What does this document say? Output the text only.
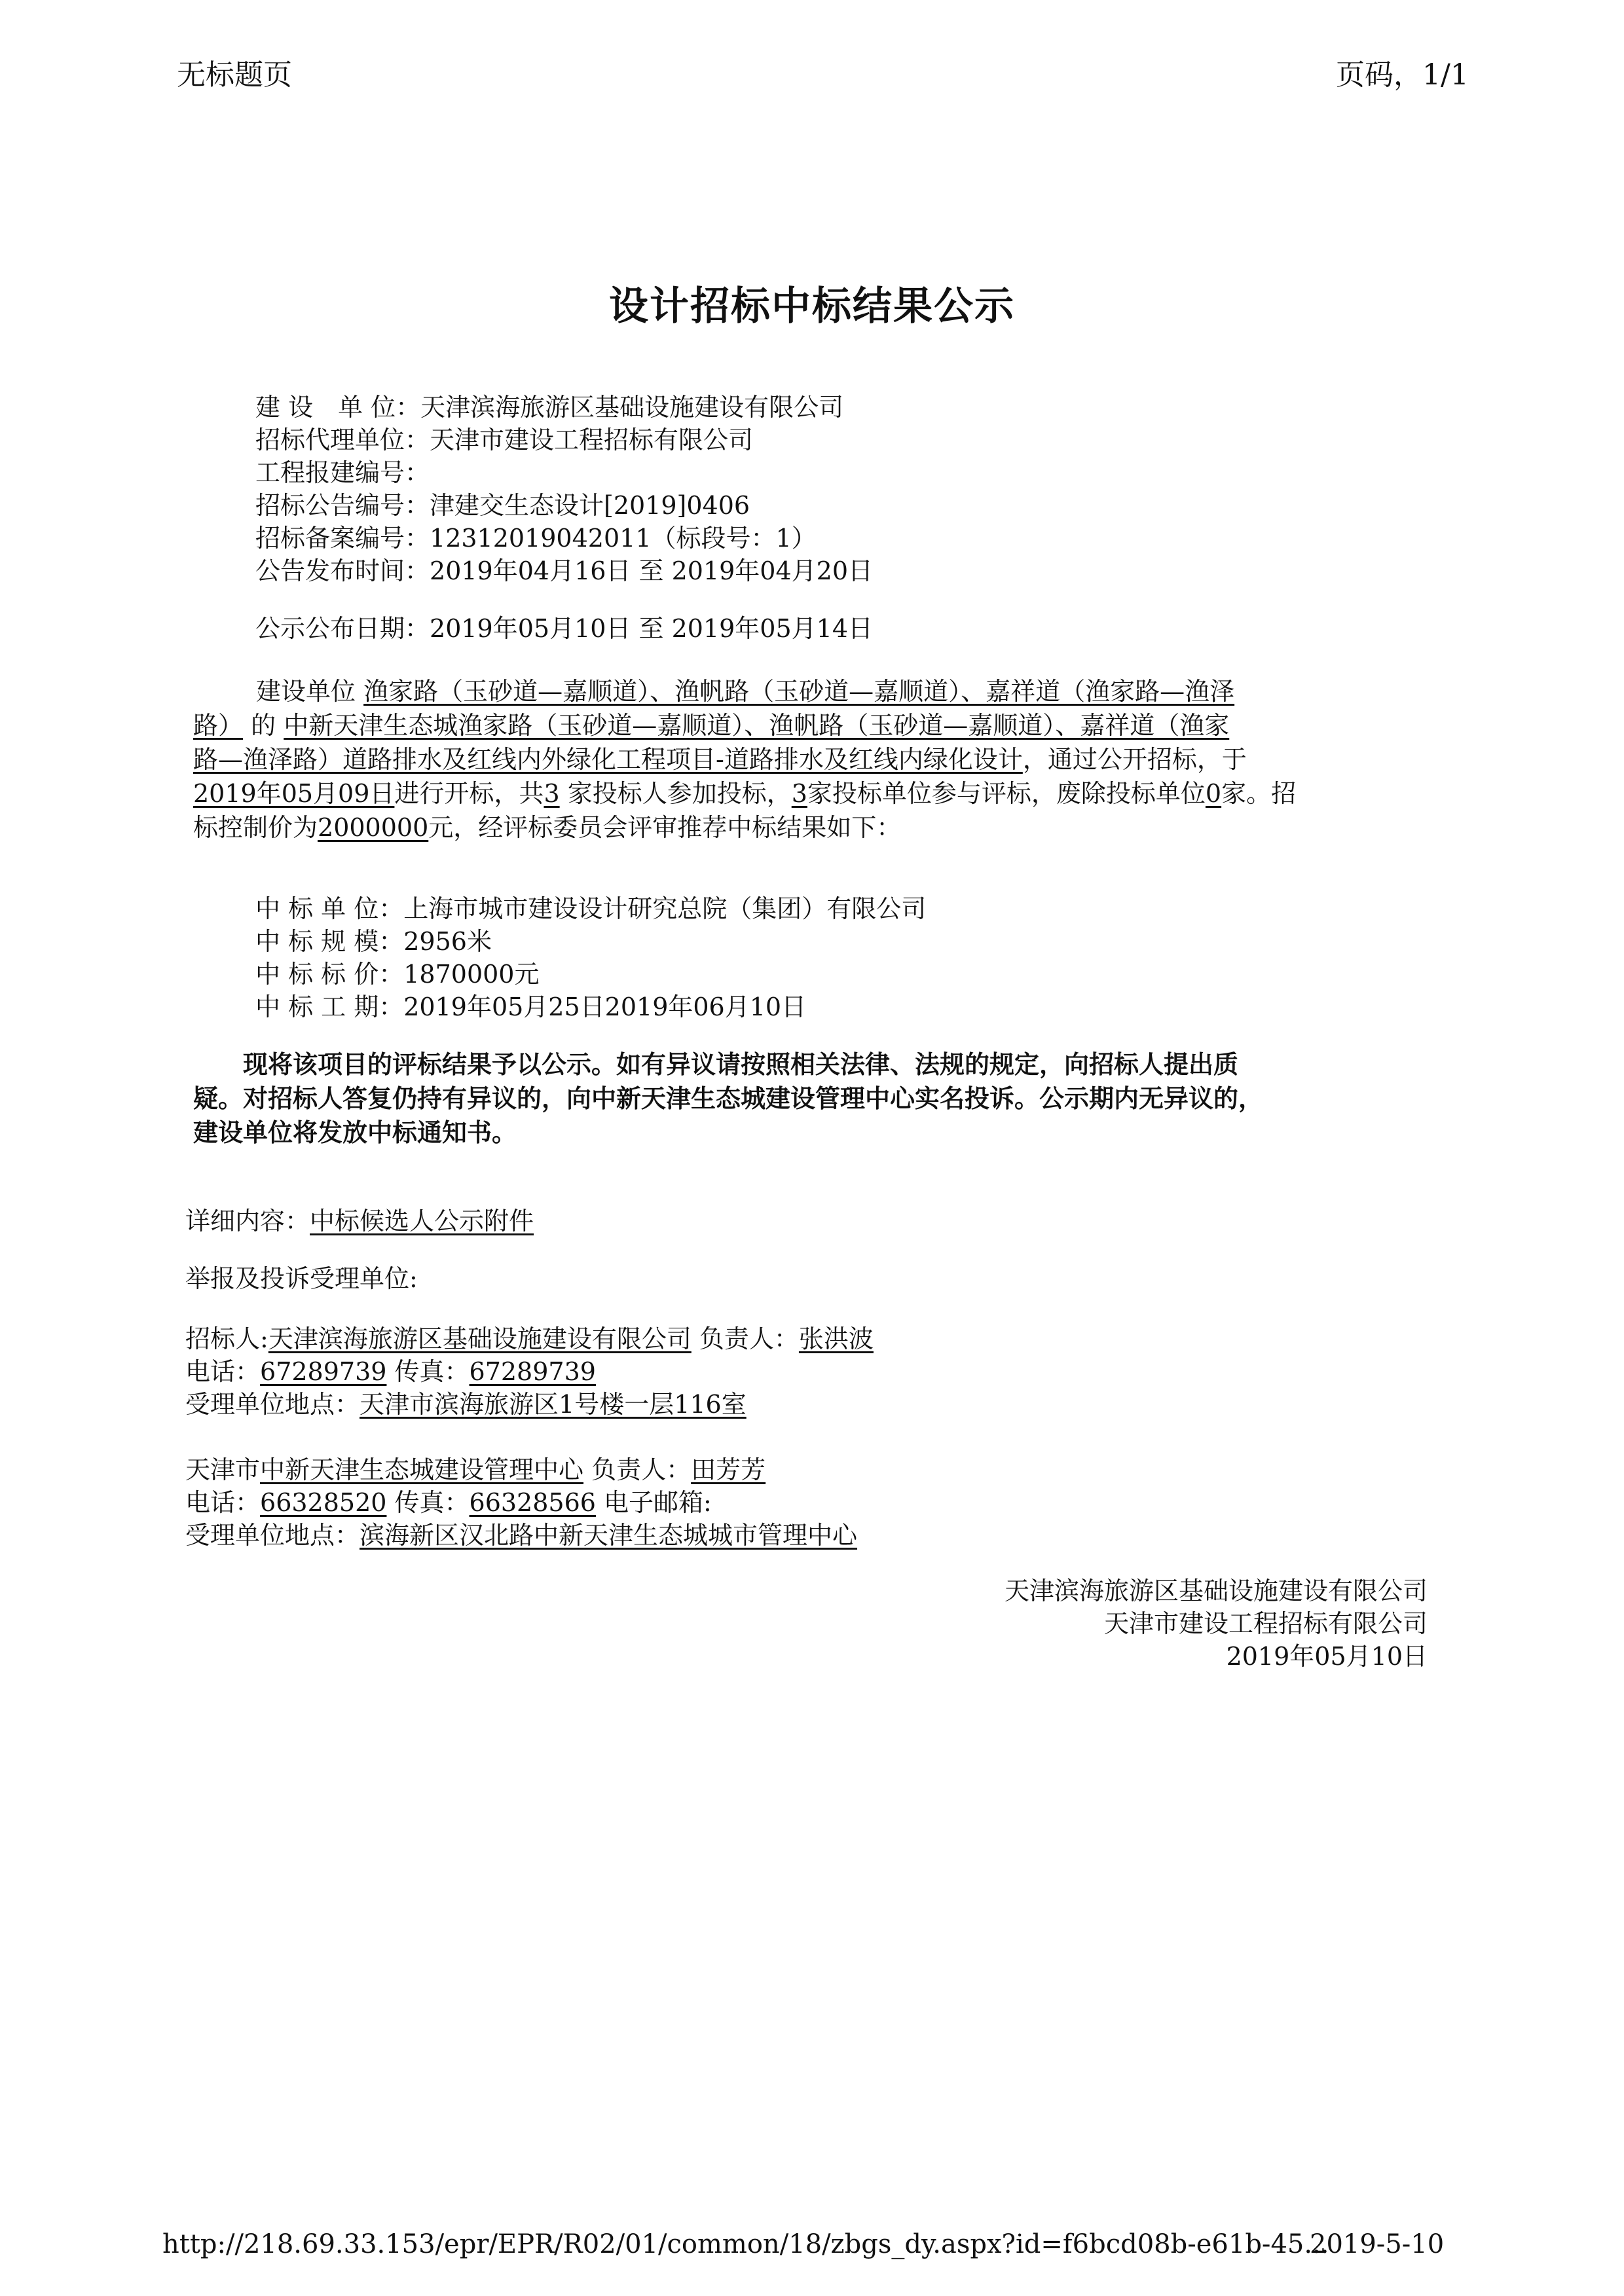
无标题页	页码，1/1
设计招标中标结果公示
建 设　单 位：天津滨海旅游区基础设施建设有限公司
招标代理单位：天津市建设工程招标有限公司
工程报建编号：
招标公告编号：津建交生态设计[2019]0406
招标备案编号：12312019042011（标段号：1）
公告发布时间：2019年04月16日 至 2019年04月20日
公示公布日期：2019年05月10日 至 2019年05月14日
建设单位 渔家路（玉砂道—嘉顺道）、渔帆路（玉砂道—嘉顺道）、嘉祥道（渔家路—渔泽
路） 的 中新天津生态城渔家路（玉砂道—嘉顺道）、渔帆路（玉砂道—嘉顺道）、嘉祥道（渔家
路—渔泽路）道路排水及红线内外绿化工程项目-道路排水及红线内绿化设计，通过公开招标，于
2019年05月09日进行开标，共3 家投标人参加投标，3家投标单位参与评标，废除投标单位0家。招
标控制价为2000000元，经评标委员会评审推荐中标结果如下：
中 标 单 位：上海市城市建设设计研究总院（集团）有限公司
中 标 规 模：2956米
中 标 标 价：1870000元
中 标 工 期：2019年05月25日2019年06月10日
现将该项目的评标结果予以公示。如有异议请按照相关法律、法规的规定，向招标人提出质
疑。对招标人答复仍持有异议的，向中新天津生态城建设管理中心实名投诉。公示期内无异议的，
建设单位将发放中标通知书。
详细内容：中标候选人公示附件
举报及投诉受理单位:
招标人:天津滨海旅游区基础设施建设有限公司 负责人：张洪波
电话：67289739 传真：67289739
受理单位地点：天津市滨海旅游区1号楼一层116室
天津市中新天津生态城建设管理中心 负责人：田芳芳
电话：66328520 传真：66328566 电子邮箱:
受理单位地点：滨海新区汉北路中新天津生态城城市管理中心
天津滨海旅游区基础设施建设有限公司
天津市建设工程招标有限公司
2019年05月10日
http://218.69.33.153/epr/EPR/R02/01/common/18/zbgs_dy.aspx?id=f6bcd08b-e61b-45...
2019-5-10
